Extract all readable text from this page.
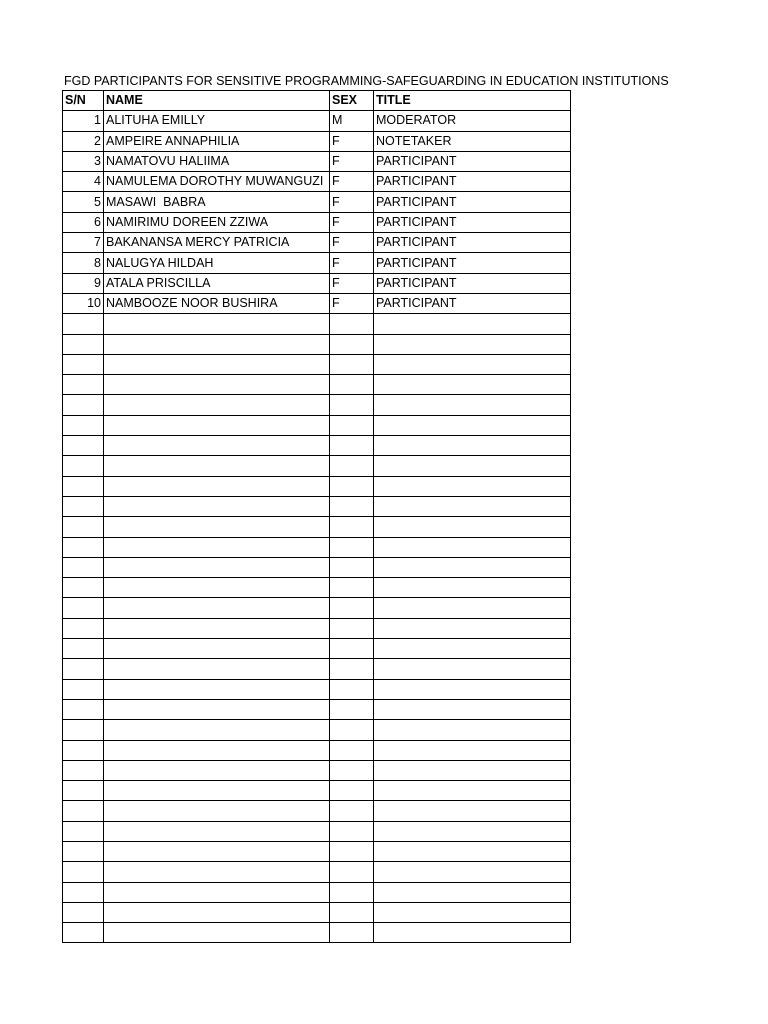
FGD PARTICIPANTS FOR SENSITIVE PROGRAMMING-SAFEGUARDING IN EDUCATION INSTITUTIONS
S/N	NAME	SEX	TITLE
1	ALITUHA EMILLY	M	MODERATOR
2	AMPEIRE ANNAPHILIA	F	NOTETAKER
3	NAMATOVU HALIIMA	F	PARTICIPANT
4	NAMULEMA DOROTHY MUWANGUZI	F	PARTICIPANT
5	MASAWI  BABRA	F	PARTICIPANT
6	NAMIRIMU DOREEN ZZIWA	F	PARTICIPANT
7	BAKANANSA MERCY PATRICIA	F	PARTICIPANT
8	NALUGYA HILDAH	F	PARTICIPANT
9	ATALA PRISCILLA	F	PARTICIPANT
10	NAMBOOZE NOOR BUSHIRA	F	PARTICIPANT
